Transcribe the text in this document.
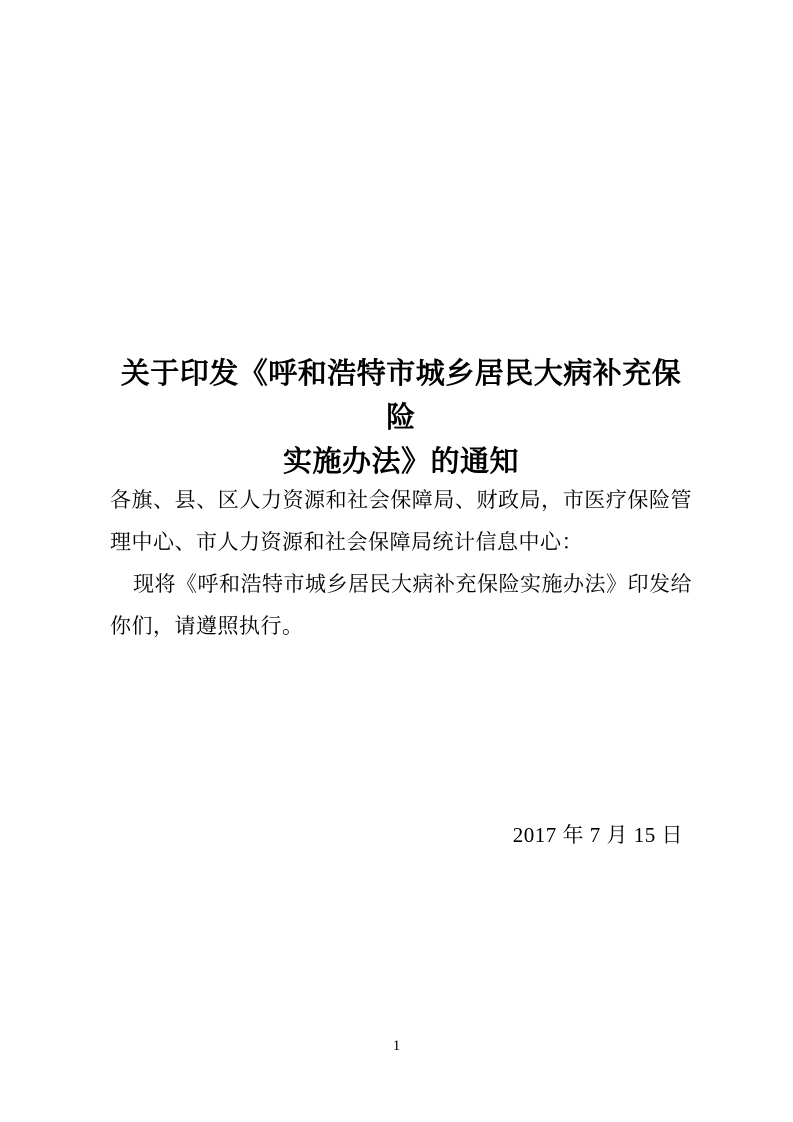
关于印发《呼和浩特市城乡居民大病补充保险
实施办法》的通知

各旗、县、区人力资源和社会保障局、财政局，市医疗保险管
理中心、市人力资源和社会保障局统计信息中心：

现将《呼和浩特市城乡居民大病补充保险实施办法》印发给
你们，请遵照执行。

2017 年 7 月 15 日
1
